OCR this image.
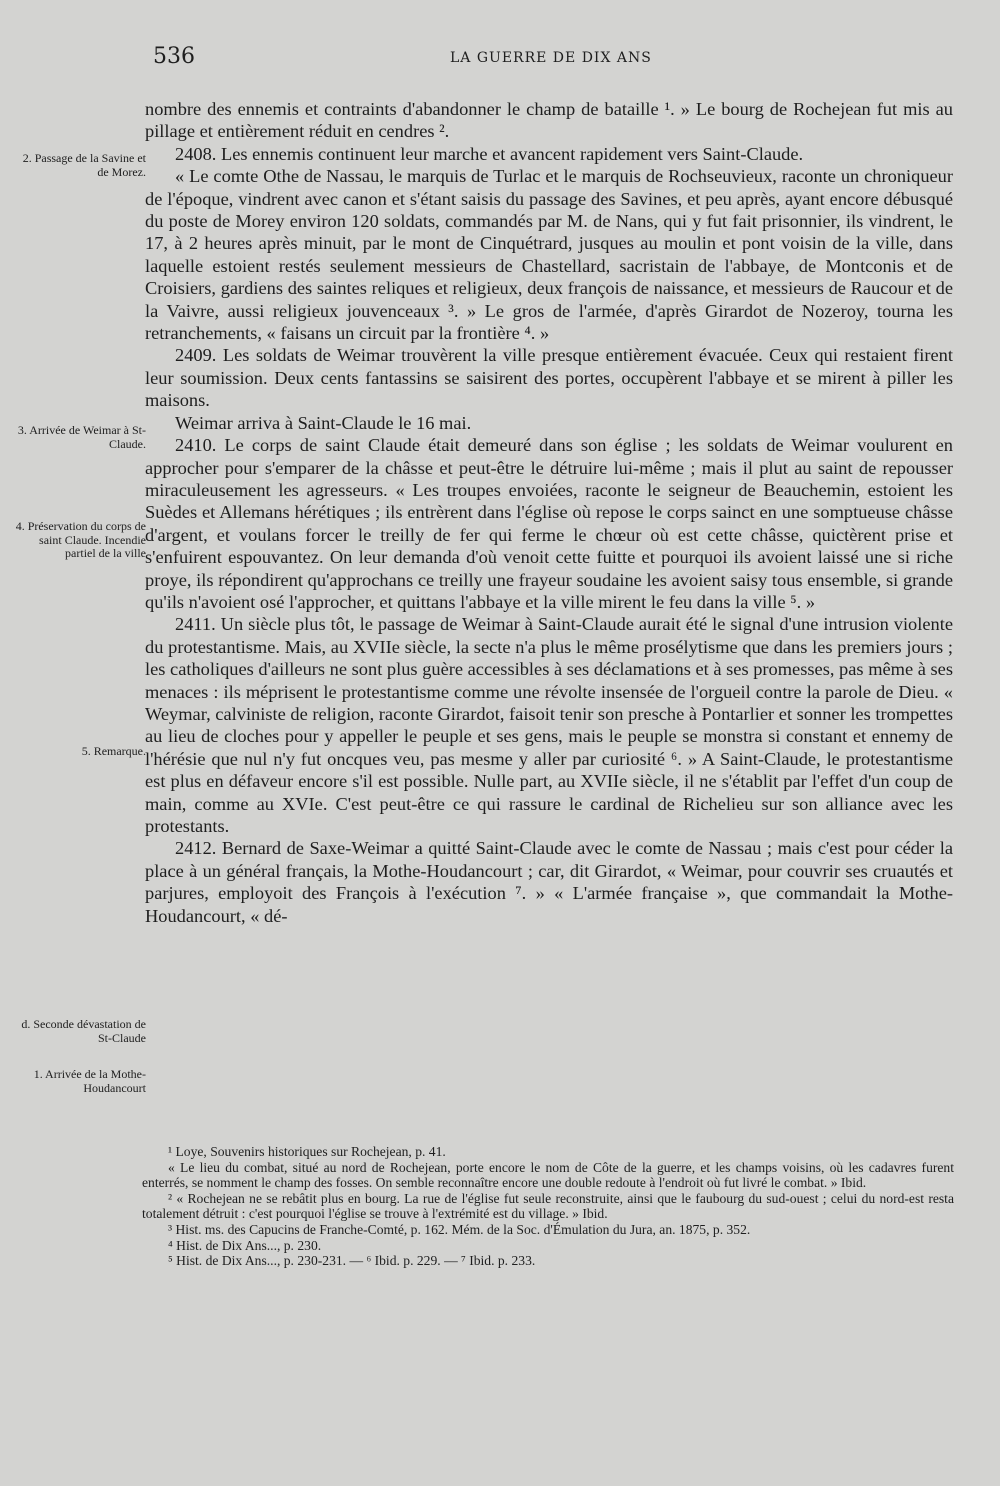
536	LA GUERRE DE DIX ANS
2. Passage de la Savine et de Morez.
3. Arrivée de Weimar à St-Claude.
4. Préservation du corps de saint Claude. Incendie partiel de la ville
5. Remarque.
d. Seconde dévastation de St-Claude
1. Arrivée de la Mothe-Houdancourt

nombre des ennemis et contraints d'abandonner le champ de bataille ¹. » Le bourg de Rochejean fut mis au pillage et entièrement réduit en cendres ².

2408. Les ennemis continuent leur marche et avancent rapidement vers Saint-Claude.

« Le comte Othe de Nassau, le marquis de Turlac et le marquis de Rochseuvieux, raconte un chroniqueur de l'époque, vindrent avec canon et s'étant saisis du passage des Savines, et peu après, ayant encore débusqué du poste de Morey environ 120 soldats, commandés par M. de Nans, qui y fut fait prisonnier, ils vindrent, le 17, à 2 heures après minuit, par le mont de Cinquétrard, jusques au moulin et pont voisin de la ville, dans laquelle estoient restés seulement messieurs de Chastellard, sacristain de l'abbaye, de Montconis et de Croisiers, gardiens des saintes reliques et religieux, deux françois de naissance, et messieurs de Raucour et de la Vaivre, aussi religieux jouvenceaux ³. » Le gros de l'armée, d'après Girardot de Nozeroy, tourna les retranchements, « faisans un circuit par la frontière ⁴. »

2409. Les soldats de Weimar trouvèrent la ville presque entièrement évacuée. Ceux qui restaient firent leur soumission. Deux cents fantassins se saisirent des portes, occupèrent l'abbaye et se mirent à piller les maisons.

Weimar arriva à Saint-Claude le 16 mai.

2410. Le corps de saint Claude était demeuré dans son église ; les soldats de Weimar voulurent en approcher pour s'emparer de la châsse et peut-être le détruire lui-même ; mais il plut au saint de repousser miraculeusement les agresseurs. « Les troupes envoiées, raconte le seigneur de Beauchemin, estoient les Suèdes et Allemans hérétiques ; ils entrèrent dans l'église où repose le corps sainct en une somptueuse châsse d'argent, et voulans forcer le treilly de fer qui ferme le chœur où est cette châsse, quictèrent prise et s'enfuirent espouvantez. On leur demanda d'où venoit cette fuitte et pourquoi ils avoient laissé une si riche proye, ils répondirent qu'approchans ce treilly une frayeur soudaine les avoient saisy tous ensemble, si grande qu'ils n'avoient osé l'approcher, et quittans l'abbaye et la ville mirent le feu dans la ville ⁵. »

2411. Un siècle plus tôt, le passage de Weimar à Saint-Claude aurait été le signal d'une intrusion violente du protestantisme. Mais, au XVIIe siècle, la secte n'a plus le même prosélytisme que dans les premiers jours ; les catholiques d'ailleurs ne sont plus guère accessibles à ses déclamations et à ses promesses, pas même à ses menaces : ils méprisent le protestantisme comme une révolte insensée de l'orgueil contre la parole de Dieu. « Weymar, calviniste de religion, raconte Girardot, faisoit tenir son presche à Pontarlier et sonner les trompettes au lieu de cloches pour y appeller le peuple et ses gens, mais le peuple se monstra si constant et ennemy de l'hérésie que nul n'y fut oncques veu, pas mesme y aller par curiosité ⁶. » A Saint-Claude, le protestantisme est plus en défaveur encore s'il est possible. Nulle part, au XVIIe siècle, il ne s'établit par l'effet d'un coup de main, comme au XVIe. C'est peut-être ce qui rassure le cardinal de Richelieu sur son alliance avec les protestants.

2412. Bernard de Saxe-Weimar a quitté Saint-Claude avec le comte de Nassau ; mais c'est pour céder la place à un général français, la Mothe-Houdancourt ; car, dit Girardot, « Weimar, pour couvrir ses cruautés et parjures, employoit des François à l'exécution ⁷. » « L'armée française », que commandait la Mothe-Houdancourt, « dé-

¹ Loye, Souvenirs historiques sur Rochejean, p. 41.

« Le lieu du combat, situé au nord de Rochejean, porte encore le nom de Côte de la guerre, et les champs voisins, où les cadavres furent enterrés, se nomment le champ des fosses. On semble reconnaître encore une double redoute à l'endroit où fut livré le combat. » Ibid.

² « Rochejean ne se rebâtit plus en bourg. La rue de l'église fut seule reconstruite, ainsi que le faubourg du sud-ouest ; celui du nord-est resta totalement détruit : c'est pourquoi l'église se trouve à l'extrémité est du village. » Ibid.

³ Hist. ms. des Capucins de Franche-Comté, p. 162. Mém. de la Soc. d'Émulation du Jura, an. 1875, p. 352.

⁴ Hist. de Dix Ans..., p. 230.

⁵ Hist. de Dix Ans..., p. 230-231. — ⁶ Ibid. p. 229. — ⁷ Ibid. p. 233.
